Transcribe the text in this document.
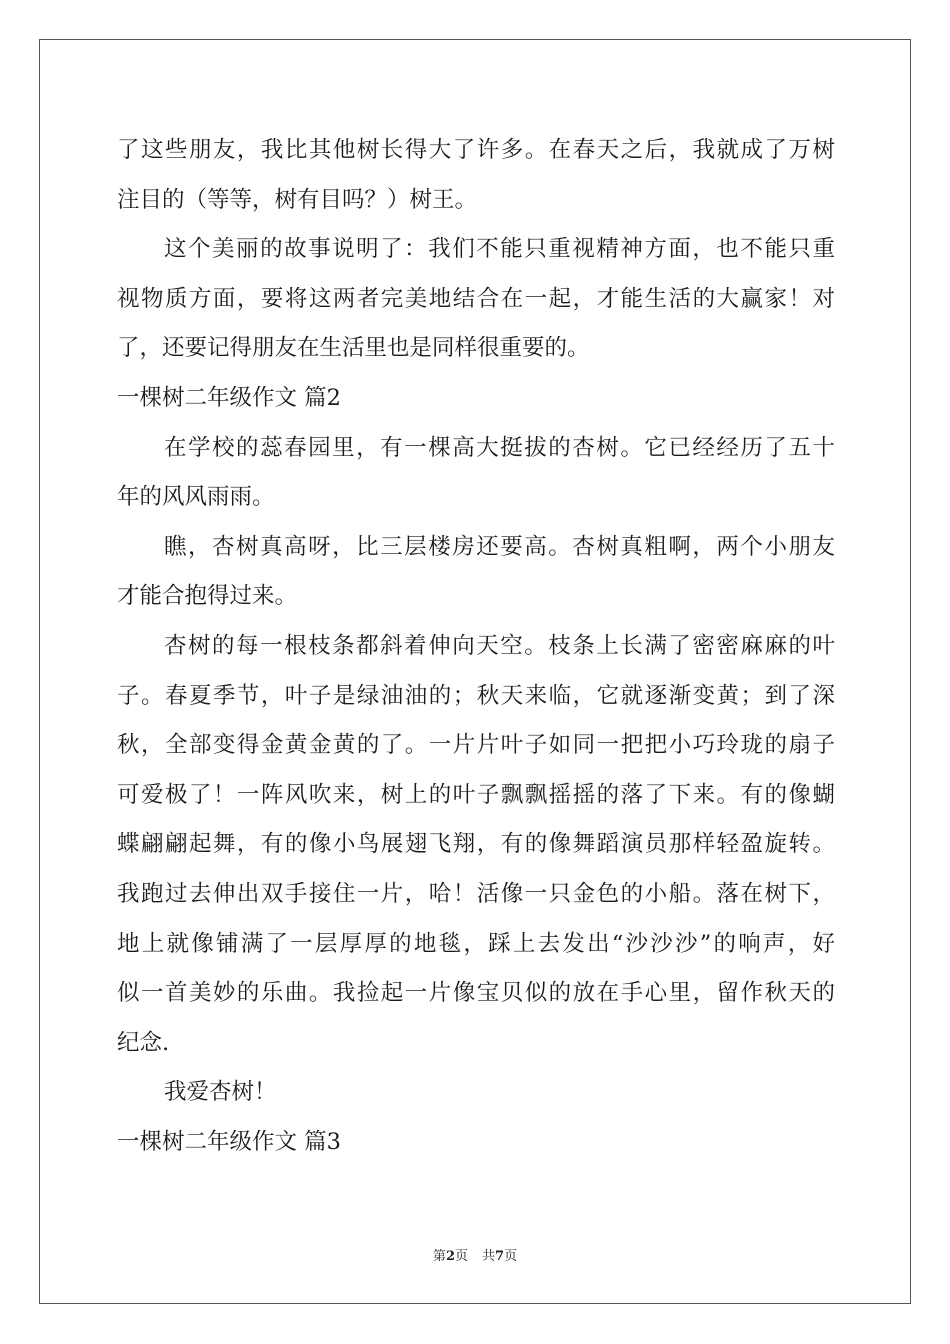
了这些朋友，我比其他树长得大了许多。在春天之后，我就成了万树
注目的（等等，树有目吗？）树王。
这个美丽的故事说明了：我们不能只重视精神方面，也不能只重
视物质方面，要将这两者完美地结合在一起，才能生活的大赢家！对
了，还要记得朋友在生活里也是同样很重要的。
一棵树二年级作文 篇2
在学校的蕊春园里，有一棵高大挺拔的杏树。它已经经历了五十
年的风风雨雨。
瞧，杏树真高呀，比三层楼房还要高。杏树真粗啊，两个小朋友
才能合抱得过来。
杏树的每一根枝条都斜着伸向天空。枝条上长满了密密麻麻的叶
子。春夏季节，叶子是绿油油的；秋天来临，它就逐渐变黄；到了深
秋，全部变得金黄金黄的了。一片片叶子如同一把把小巧玲珑的扇子
可爱极了！一阵风吹来，树上的叶子飘飘摇摇的落了下来。有的像蝴
蝶翩翩起舞，有的像小鸟展翅飞翔，有的像舞蹈演员那样轻盈旋转。
我跑过去伸出双手接住一片，哈！活像一只金色的小船。落在树下，
地上就像铺满了一层厚厚的地毯，踩上去发出“沙沙沙”的响声，好
似一首美妙的乐曲。我捡起一片像宝贝似的放在手心里，留作秋天的
纪念.
我爱杏树！
一棵树二年级作文 篇3
第2页 共7页
